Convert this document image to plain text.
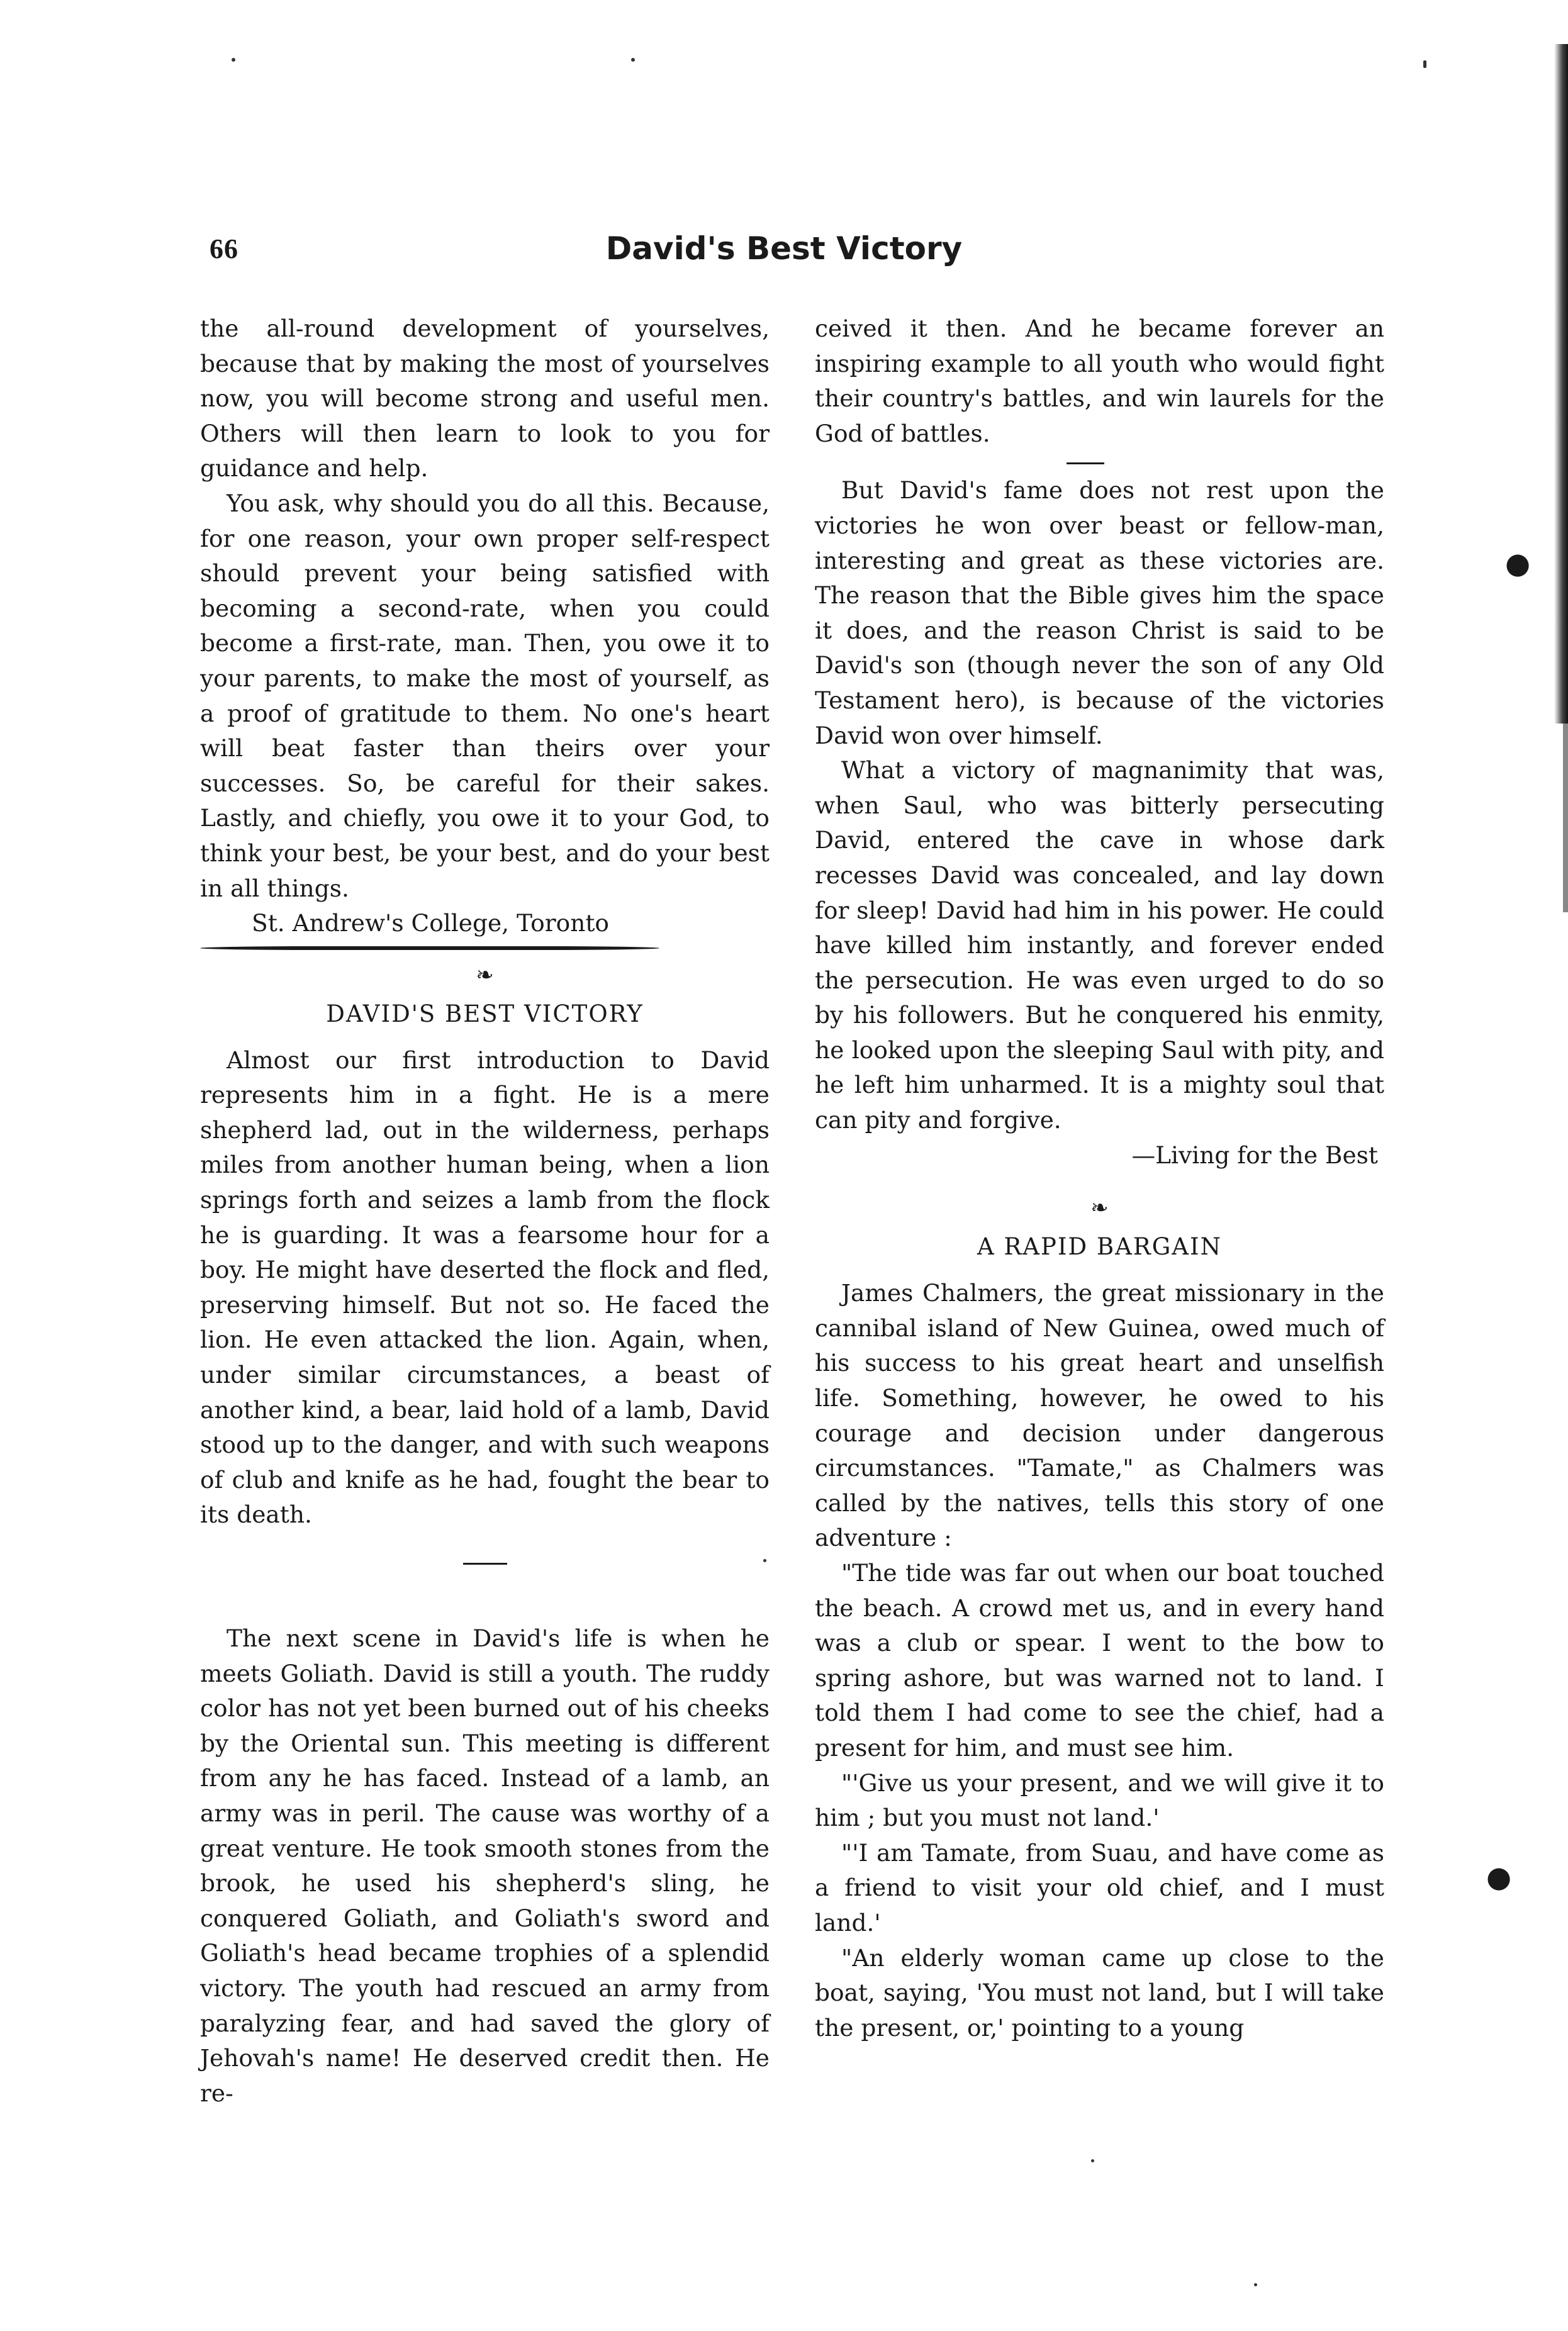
●
●
66	David's Best Victory

the all-round development of yourselves, because that by making the most of yourselves now, you will become strong and useful men. Others will then learn to look to you for guidance and help.

You ask, why should you do all this. Because, for one reason, your own proper self-respect should prevent your being satisfied with becoming a second-rate, when you could become a first-rate, man. Then, you owe it to your parents, to make the most of yourself, as a proof of gratitude to them. No one's heart will beat faster than theirs over your successes. So, be careful for their sakes. Lastly, and chiefly, you owe it to your God, to think your best, be your best, and do your best in all things.

St. Andrew's College, Toronto

❧
DAVID'S BEST VICTORY

Almost our first introduction to David represents him in a fight. He is a mere shepherd lad, out in the wilderness, perhaps miles from another human being, when a lion springs forth and seizes a lamb from the flock he is guarding. It was a fearsome hour for a boy. He might have deserted the flock and fled, preserving himself. But not so. He faced the lion. He even attacked the lion. Again, when, under similar circumstances, a beast of another kind, a bear, laid hold of a lamb, David stood up to the danger, and with such weapons of club and knife as he had, fought the bear to its death.

The next scene in David's life is when he meets Goliath. David is still a youth. The ruddy color has not yet been burned out of his cheeks by the Oriental sun. This meeting is different from any he has faced. Instead of a lamb, an army was in peril. The cause was worthy of a great venture. He took smooth stones from the brook, he used his shepherd's sling, he conquered Goliath, and Goliath's sword and Goliath's head became trophies of a splendid victory. The youth had rescued an army from paralyzing fear, and had saved the glory of Jehovah's name! He deserved credit then. He re-

ceived it then. And he became forever an inspiring example to all youth who would fight their country's battles, and win laurels for the God of battles.

But David's fame does not rest upon the victories he won over beast or fellow-man, interesting and great as these victories are. The reason that the Bible gives him the space it does, and the reason Christ is said to be David's son (though never the son of any Old Testament hero), is because of the victories David won over himself.

What a victory of magnanimity that was, when Saul, who was bitterly persecuting David, entered the cave in whose dark recesses David was concealed, and lay down for sleep! David had him in his power. He could have killed him instantly, and forever ended the persecution. He was even urged to do so by his followers. But he conquered his enmity, he looked upon the sleeping Saul with pity, and he left him unharmed. It is a mighty soul that can pity and forgive.

—Living for the Best

❧
A RAPID BARGAIN

James Chalmers, the great missionary in the cannibal island of New Guinea, owed much of his success to his great heart and unselfish life. Something, however, he owed to his courage and decision under dangerous circumstances. "Tamate," as Chalmers was called by the natives, tells this story of one adventure :

"The tide was far out when our boat touched the beach. A crowd met us, and in every hand was a club or spear. I went to the bow to spring ashore, but was warned not to land. I told them I had come to see the chief, had a present for him, and must see him.

"'Give us your present, and we will give it to him ; but you must not land.'

"'I am Tamate, from Suau, and have come as a friend to visit your old chief, and I must land.'

"An elderly woman came up close to the boat, saying, 'You must not land, but I will take the present, or,' pointing to a young
